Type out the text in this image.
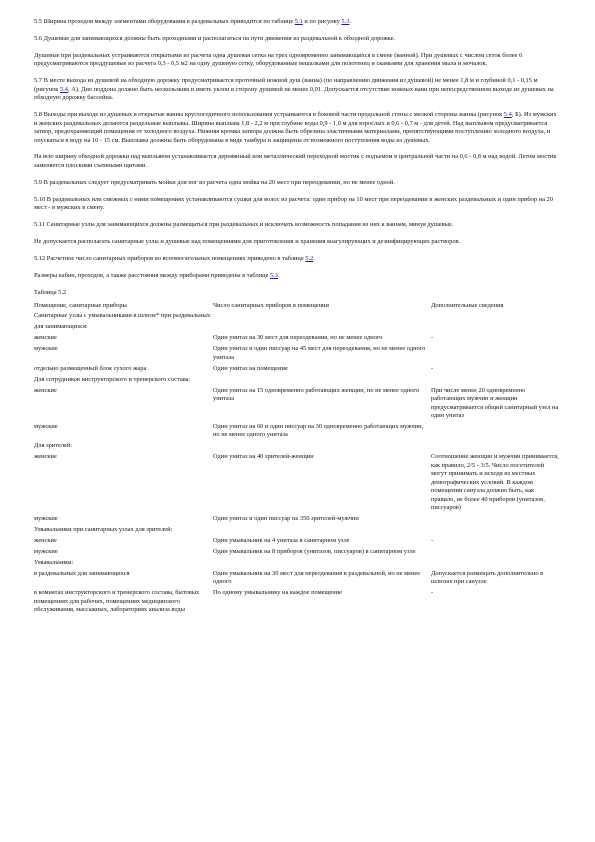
5.5 Ширина проходов между элементами оборудования в раздевальных приводится по таблице 5.1 и по рисунку 5.3.

5.6 Душевые для занимающихся должны быть проходными и располагаться на пути движения из раздевальной к обходной дорожке.

Душевые при раздевальных устраиваются открытыми из расчета одна душевая сетка на трех одновременно занимающихся в смене (ванной). При душевых с числом сеток более 6 предусматриваются преддушевые из расчета 0,3 - 0,5 м2 на одну душевую сетку, оборудованные вешалками для полотенец и скамьями для хранения мыла и мочалок.

5.7 В месте выхода из душевой на обходную дорожку предусматривается проточный ножной душ (ванна) (по направлению движения из душевой) не менее 1,8 м и глубиной 0,1 - 0,15 м (рисунок 5.4, А). Дно поддона должно быть нескользким и иметь уклон в сторону душевой не менее 0,01. Допускается отсутствие ножных ванн при непосредственном выходе из душевых на обходную дорожку бассейна.

5.8 Выходы при выходе из душевых в открытые ванны круглогодичного использования устраиваются в боковой части продольной стены с мелкой стороны ванны (рисунок 5.4, Б). Из мужских и женских раздевальных делаются раздельные выплывы. Ширина выплыва 1,8 - 2,2 м при глубине воды 0,9 - 1,0 м для взрослых и 0,6 - 0,7 м - для детей. Над выплывом предусматривается затвор, предохраняющий помещения от холодного воздуха. Нижняя кромка затвора должна быть обрезина эластичными материалами, препятствующими поступлению холодного воздуха, и опускаться в воду на 10 - 15 см. Выплывы должны быть оборудованы в виде тамбура и защищены от возможного поступления воды из душевых.

На всю ширину обходной дорожки над выплывом устанавливается деревянный или металлический переходной мостик с подъемом в центральной части на 0,6 - 0,8 м над водой. Летом мостик заменяется плоскими съемными щитами.

5.9 В раздевальных следует предусматривать мойки для ног из расчета одна мойка на 20 мест при переодевании, но не менее одной.

5.10 В раздевальных или смежных с ними помещениях устанавливаются сушки для волос из расчета: один прибор на 10 мест при переодевании в женских раздевальных и один прибор на 20 мест - в мужских в смену.

5.11 Санитарные узлы для занимающихся должны размещаться при раздевальных и исключать возможность попадания из них к ваннам, минуя душевые.

Не допускается располагать санитарные узлы и душевые над помещениями для приготовления и хранения коагулирующих и дезинфицирующих растворов.

5.12 Расчетное число санитарных приборов во вспомогательных помещениях приведено в таблице 5.2.

Размеры кабин, проходов, а также расстояния между приборами приведены в таблице 5.3.

Таблица 5.2
Помещение, санитарные приборы	Число санитарных приборов в помещении	Дополнительные сведения
Санитарные узлы с умывальниками в шлюзе* при раздевальных:		
для занимающихся:		
женские	Один унитаз на 30 мест для переодевания, но не менее одного	-
мужские	Один унитаз и один писсуар на 45 мест для переодевания, но не менее одного унитаза	
отдельно размещенный блок сухого жара	Один унитаз на помещение	-
Для сотрудников инструкторского и тренерского состава:		
женские	Один унитаз на 15 одновременно работающих женщин, но не менее одного унитаза	При числе менее 20 одновременно работающих мужчин и женщин предусматривается общий санитарный узел на один унитаз
мужские	Один унитаз на 60 и один писсуар на 30 одновременно работающих мужчин, но не менее одного унитаза	
Для зрителей:		
женские	Один унитаз на 40 зрителей-женщин	Соотношение женщин и мужчин принимается, как правило, 2/5 - 3/5. Число посетителей могут принимать и исходя из местных демографических условий. В каждом помещении санузла должно быть, как правило, не более 40 приборов (унитазов, писсуаров)
мужские	Один унитаз и один писсуар на 350 зрителей-мужчин	
Умывальники при санитарных узлах для зрителей:		
женские	Один умывальник на 4 унитаза в санитарном узле	-
мужские	Один умывальник на 8 приборов (унитазов, писсуаров) в санитарном узле	
Умывальники:		
в раздевальных для занимающихся	Один умывальник на 30 мест для переодевания в раздевальной, но не менее одного	Допускается размещать дополнительно в шлюзах при санузле
в комнатах инструкторского и тренерского состава, бытовых помещениях для рабочих, помещениях медицинского обслуживания, массажных, лабораториях анализа воды	По одному умывальнику на каждое помещение	-
